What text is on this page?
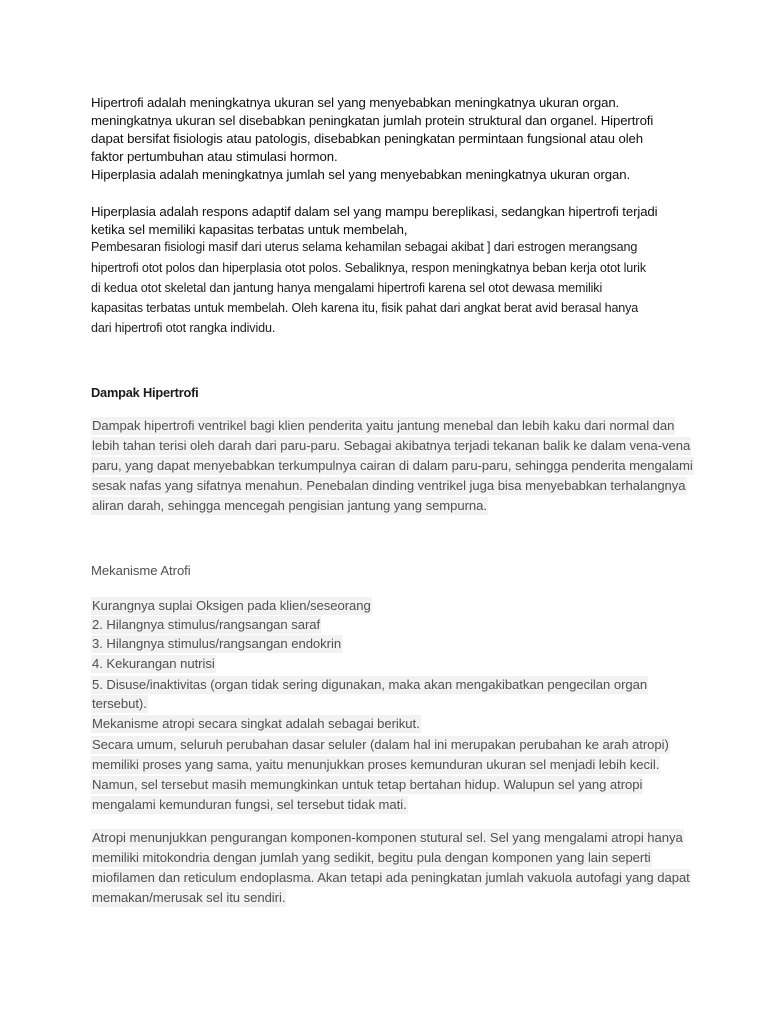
Hipertrofi adalah meningkatnya ukuran sel yang menyebabkan meningkatnya ukuran organ.
meningkatnya ukuran sel disebabkan peningkatan jumlah protein struktural dan organel. Hipertrofi
dapat bersifat fisiologis atau patologis, disebabkan peningkatan permintaan fungsional atau oleh
faktor pertumbuhan atau stimulasi hormon.
Hiperplasia adalah meningkatnya jumlah sel yang menyebabkan meningkatnya ukuran organ.
Hiperplasia adalah respons adaptif dalam sel yang mampu bereplikasi, sedangkan hipertrofi terjadi
ketika sel memiliki kapasitas terbatas untuk membelah,
Pembesaran fisiologi masif dari uterus selama kehamilan sebagai akibat ] dari estrogen merangsang
hipertrofi otot polos dan hiperplasia otot polos. Sebaliknya, respon meningkatnya beban kerja otot lurik
di kedua otot skeletal dan jantung hanya mengalami hipertrofi karena sel otot dewasa memiliki
kapasitas terbatas untuk membelah. Oleh karena itu, fisik pahat dari angkat berat avid berasal hanya
dari hipertrofi otot rangka individu.
Dampak Hipertrofi
Dampak hipertrofi ventrikel bagi klien penderita yaitu jantung menebal dan lebih kaku dari normal dan
lebih tahan terisi oleh darah dari paru-paru. Sebagai akibatnya terjadi tekanan balik ke dalam vena-vena
paru, yang dapat menyebabkan terkumpulnya cairan di dalam paru-paru, sehingga penderita mengalami
sesak nafas yang sifatnya menahun. Penebalan dinding ventrikel juga bisa menyebabkan terhalangnya
aliran darah, sehingga mencegah pengisian jantung yang sempurna.
Mekanisme Atrofi
Kurangnya suplai Oksigen pada klien/seseorang
2. Hilangnya stimulus/rangsangan saraf
3. Hilangnya stimulus/rangsangan endokrin
4. Kekurangan nutrisi
5. Disuse/inaktivitas (organ tidak sering digunakan, maka akan mengakibatkan pengecilan organ
tersebut).
Mekanisme atropi secara singkat adalah sebagai berikut.
Secara umum, seluruh perubahan dasar seluler (dalam hal ini merupakan perubahan ke arah atropi)
memiliki proses yang sama, yaitu menunjukkan proses kemunduran ukuran sel menjadi lebih kecil.
Namun, sel tersebut masih memungkinkan untuk tetap bertahan hidup. Walupun sel yang atropi
mengalami kemunduran fungsi, sel tersebut tidak mati.
Atropi menunjukkan pengurangan komponen-komponen stutural sel. Sel yang mengalami atropi hanya
memiliki mitokondria dengan jumlah yang sedikit, begitu pula dengan komponen yang lain seperti
miofilamen dan reticulum endoplasma. Akan tetapi ada peningkatan jumlah vakuola autofagi yang dapat
memakan/merusak sel itu sendiri.
